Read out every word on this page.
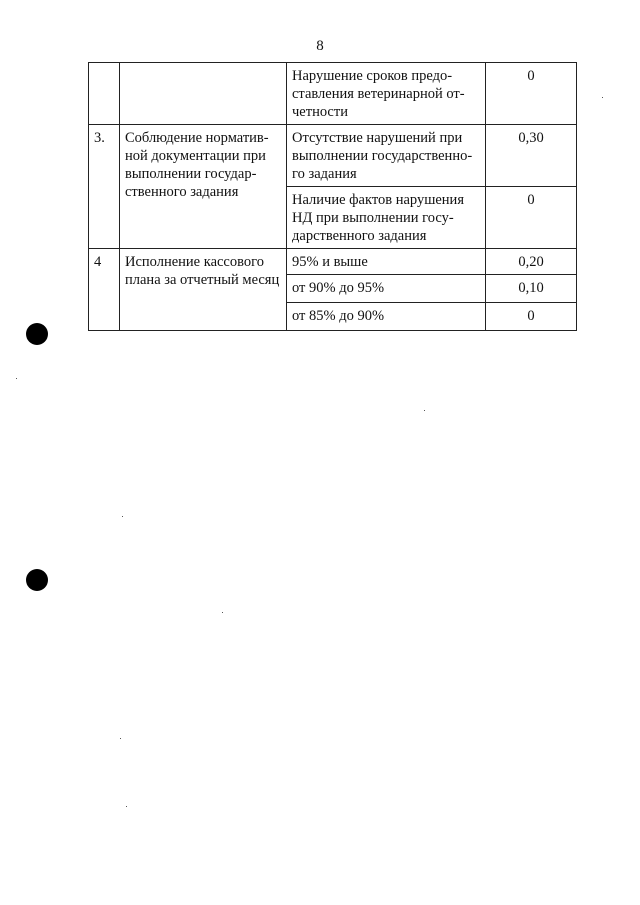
8
		Нарушение сроков предо-ставления ветеринарной от-четности	0
3.	Соблюдение норматив-ной документации при выполнении государ-ственного задания	Отсутствие нарушений при выполнении государственно-го задания	0,30
		Наличие фактов нарушения НД при выполнении госу-дарственного задания	0
4	Исполнение кассового плана за отчетный месяц	95% и выше	0,20
		от 90% до 95%	0,10
		от 85% до 90%	0
